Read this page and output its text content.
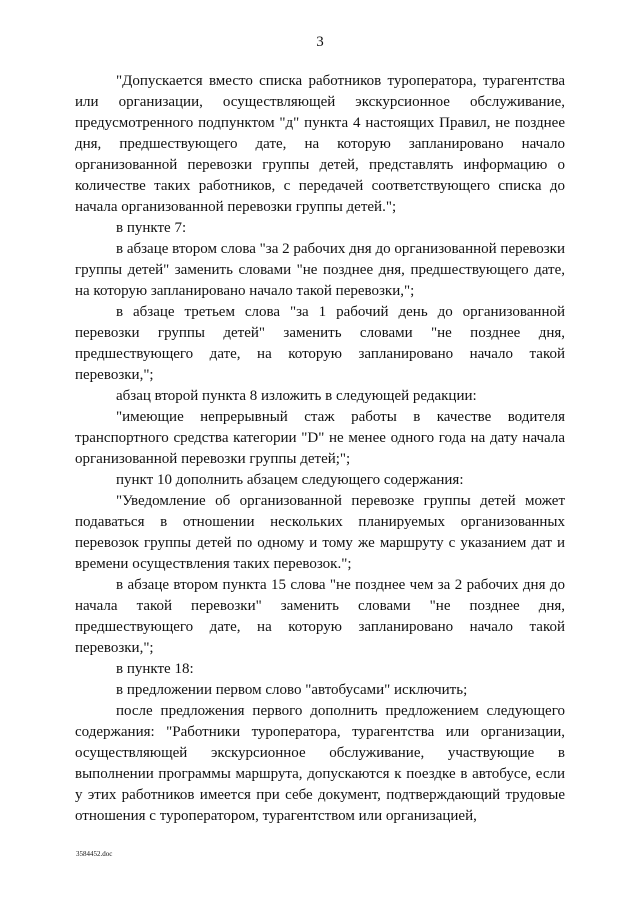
3

"Допускается вместо списка работников туроператора, турагентства или организации, осуществляющей экскурсионное обслуживание, предусмотренного подпунктом "д" пункта 4 настоящих Правил, не позднее дня, предшествующего дате, на которую запланировано начало организованной перевозки группы детей, представлять информацию о количестве таких работников, с передачей соответствующего списка до начала организованной перевозки группы детей.";

в пункте 7:

в абзаце втором слова "за 2 рабочих дня до организованной перевозки группы детей" заменить словами "не позднее дня, предшествующего дате, на которую запланировано начало такой перевозки,";

в абзаце третьем слова "за 1 рабочий день до организованной перевозки группы детей" заменить словами "не позднее дня, предшествующего дате, на которую запланировано начало такой перевозки,";

абзац второй пункта 8 изложить в следующей редакции:

"имеющие непрерывный стаж работы в качестве водителя транспортного средства категории "D" не менее одного года на дату начала организованной перевозки группы детей;";

пункт 10 дополнить абзацем следующего содержания:

"Уведомление об организованной перевозке группы детей может подаваться в отношении нескольких планируемых организованных перевозок группы детей по одному и тому же маршруту с указанием дат и времени осуществления таких перевозок.";

в абзаце втором пункта 15 слова "не позднее чем за 2 рабочих дня до начала такой перевозки" заменить словами "не позднее дня, предшествующего дате, на которую запланировано начало такой перевозки,";

в пункте 18:

в предложении первом слово "автобусами" исключить;

после предложения первого дополнить предложением следующего содержания: "Работники туроператора, турагентства или организации, осуществляющей экскурсионное обслуживание, участвующие в выполнении программы маршрута, допускаются к поездке в автобусе, если у этих работников имеется при себе документ, подтверждающий трудовые отношения с туроператором, турагентством или организацией,

3584452.doc
